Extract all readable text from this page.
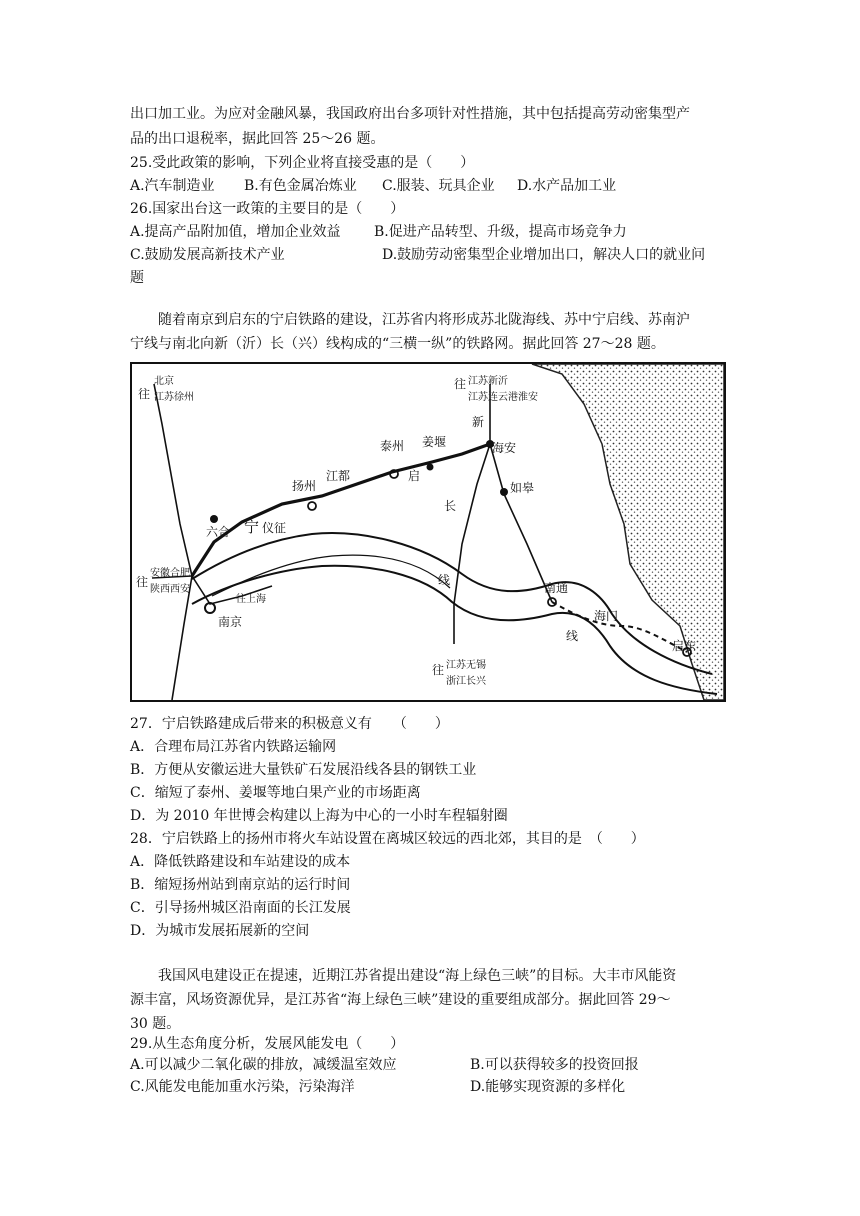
出口加工业。为应对金融风暴，我国政府出台多项针对性措施，其中包括提高劳动密集型产
品的出口退税率，据此回答 25～26 题。
25.受此政策的影响，下列企业将直接受惠的是（　　）
A.汽车制造业 B.有色金属冶炼业 C.服装、玩具企业 D.水产品加工业
26.国家出台这一政策的主要目的是（　　）
A.提高产品附加值，增加企业效益 B.促进产品转型、升级，提高市场竞争力
C.鼓励发展高新技术产业	D.鼓励劳动密集型企业增加出口，解决人口的就业问
题
随着南京到启东的宁启铁路的建设，江苏省内将形成苏北陇海线、苏中宁启线、苏南沪
宁线与南北向新（沂）长（兴）线构成的“三横一纵”的铁路网。据此回答 27～28 题。
往
北京
江苏徐州
往 江苏新沂
江苏连云港淮安
新
海安
泰州 姜堰
江都
扬州
启
如皋
长
六合 宁 仪征
往
安徽合肥
陕西西安
往上海
南京
线
南通
海门
线
启东
往 江苏无锡
浙江长兴
27．宁启铁路建成后带来的积极意义有　　（　　）
A．合理布局江苏省内铁路运输网
B．方便从安徽运进大量铁矿石发展沿线各县的钢铁工业
C．缩短了泰州、姜堰等地白果产业的市场距离
D．为 2010 年世博会构建以上海为中心的一小时车程辐射圈
28．宁启铁路上的扬州市将火车站设置在离城区较远的西北郊，其目的是　（　　）
A．降低铁路建设和车站建设的成本
B．缩短扬州站到南京站的运行时间
C．引导扬州城区沿南面的长江发展
D．为城市发展拓展新的空间
我国风电建设正在提速，近期江苏省提出建设“海上绿色三峡”的目标。大丰市风能资
源丰富，风场资源优异，是江苏省“海上绿色三峡”建设的重要组成部分。据此回答 29～
30 题。
29.从生态角度分析，发展风能发电（　　）
A.可以减少二氧化碳的排放，减缓温室效应	B.可以获得较多的投资回报
C.风能发电能加重水污染，污染海洋	D.能够实现资源的多样化
